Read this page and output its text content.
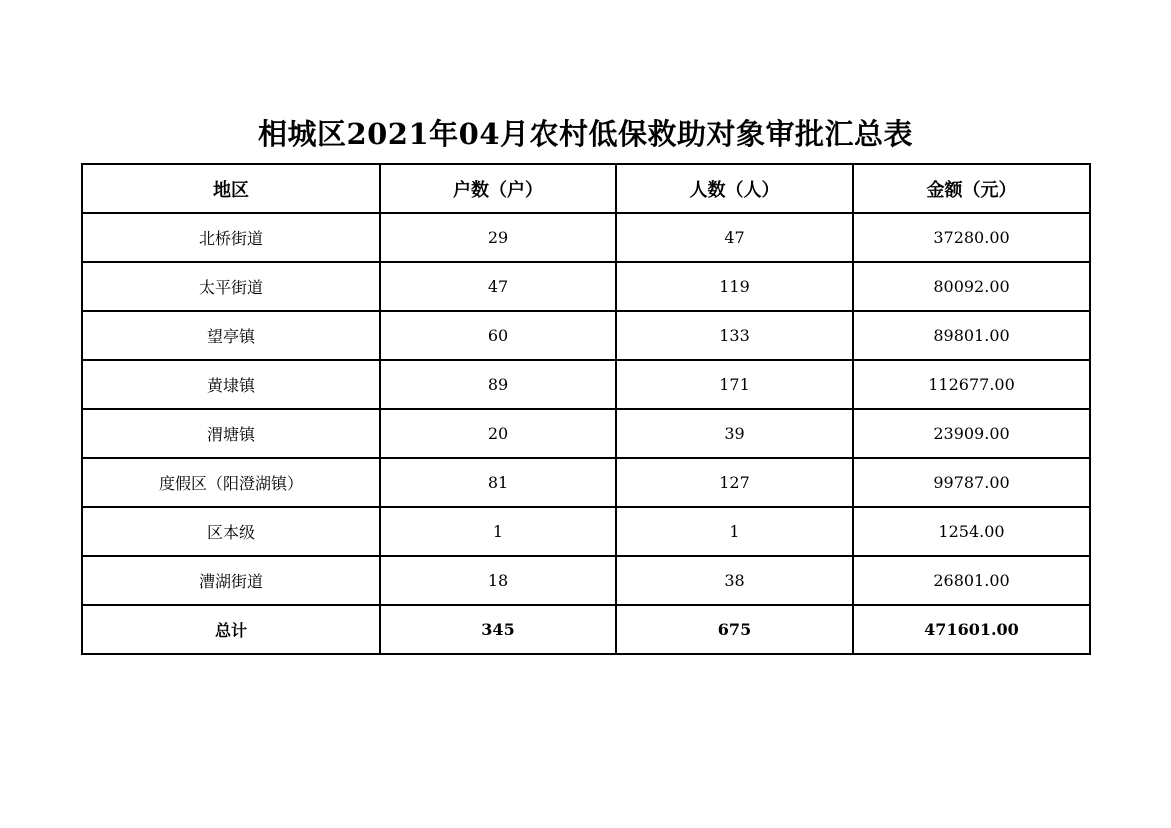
相城区2021年04月农村低保救助对象审批汇总表
地区	户数（户）	人数（人）	金额（元）
北桥街道	29	47	37280.00
太平街道	47	119	80092.00
望亭镇	60	133	89801.00
黄埭镇	89	171	112677.00
渭塘镇	20	39	23909.00
度假区（阳澄湖镇）	81	127	99787.00
区本级	1	1	1254.00
漕湖街道	18	38	26801.00
总计	345	675	471601.00
